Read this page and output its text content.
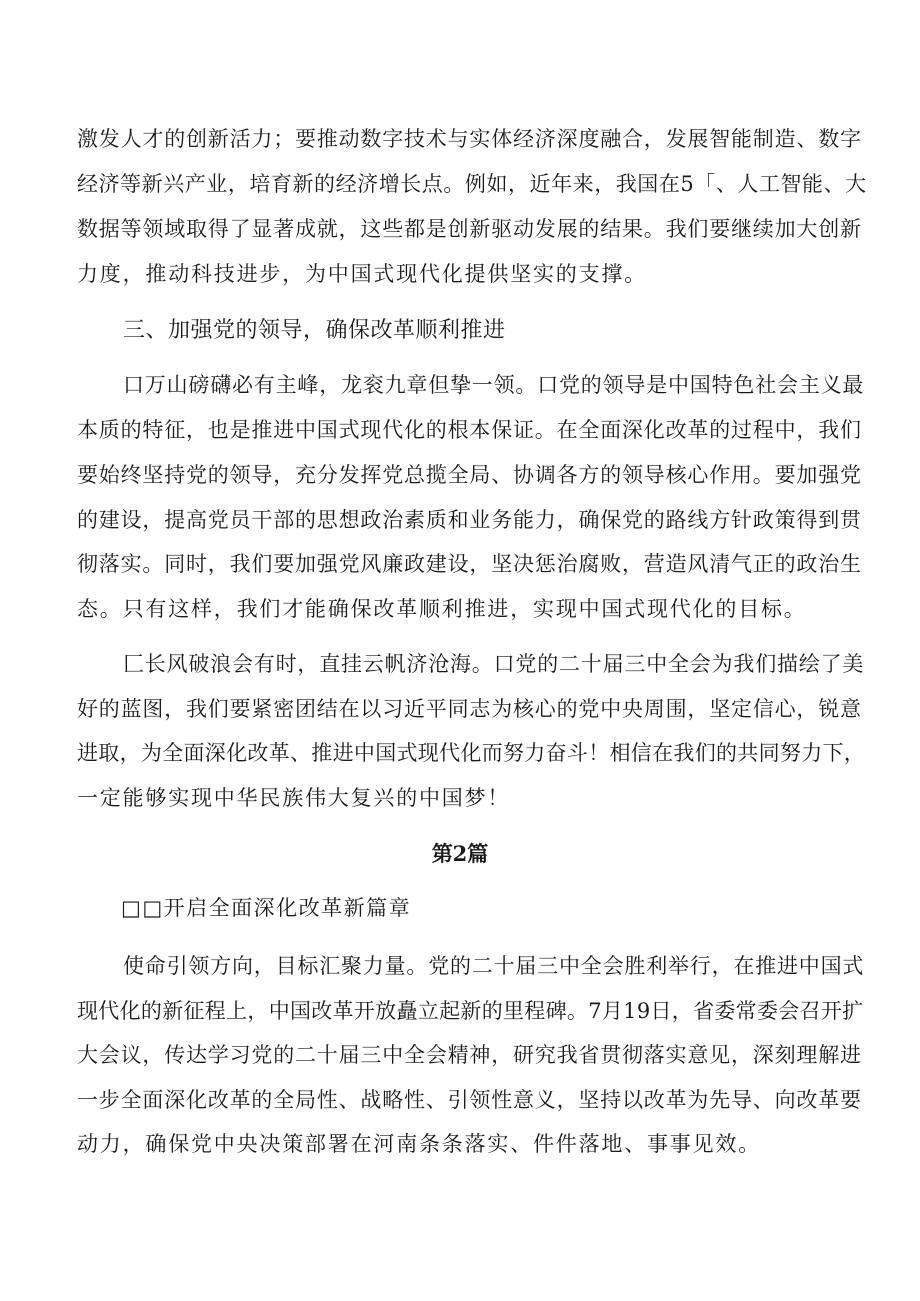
激发人才的创新活力；要推动数字技术与实体经济深度融合，发展智能制造、数字
经济等新兴产业，培育新的经济增长点。例如，近年来，我国在5「、人工智能、大
数据等领域取得了显著成就，这些都是创新驱动发展的结果。我们要继续加大创新
力度，推动科技进步，为中国式现代化提供坚实的支撑。
三、加强党的领导，确保改革顺利推进
口万山磅礴必有主峰，龙衮九章但挚一领。口党的领导是中国特色社会主义最
本质的特征，也是推进中国式现代化的根本保证。在全面深化改革的过程中，我们
要始终坚持党的领导，充分发挥党总揽全局、协调各方的领导核心作用。要加强党
的建设，提高党员干部的思想政治素质和业务能力，确保党的路线方针政策得到贯
彻落实。同时，我们要加强党风廉政建设，坚决惩治腐败，营造风清气正的政治生
态。只有这样，我们才能确保改革顺利推进，实现中国式现代化的目标。
匚长风破浪会有时，直挂云帆济沧海。口党的二十届三中全会为我们描绘了美
好的蓝图，我们要紧密团结在以习近平同志为核心的党中央周围，坚定信心，锐意
进取，为全面深化改革、推进中国式现代化而努力奋斗！相信在我们的共同努力下，
一定能够实现中华民族伟大复兴的中国梦！
第2篇
□□开启全面深化改革新篇章
使命引领方向，目标汇聚力量。党的二十届三中全会胜利举行，在推进中国式
现代化的新征程上，中国改革开放矗立起新的里程碑。7月19日，省委常委会召开扩
大会议，传达学习党的二十届三中全会精神，研究我省贯彻落实意见，深刻理解进
一步全面深化改革的全局性、战略性、引领性意义，坚持以改革为先导、向改革要
动力，确保党中央决策部署在河南条条落实、件件落地、事事见效。
